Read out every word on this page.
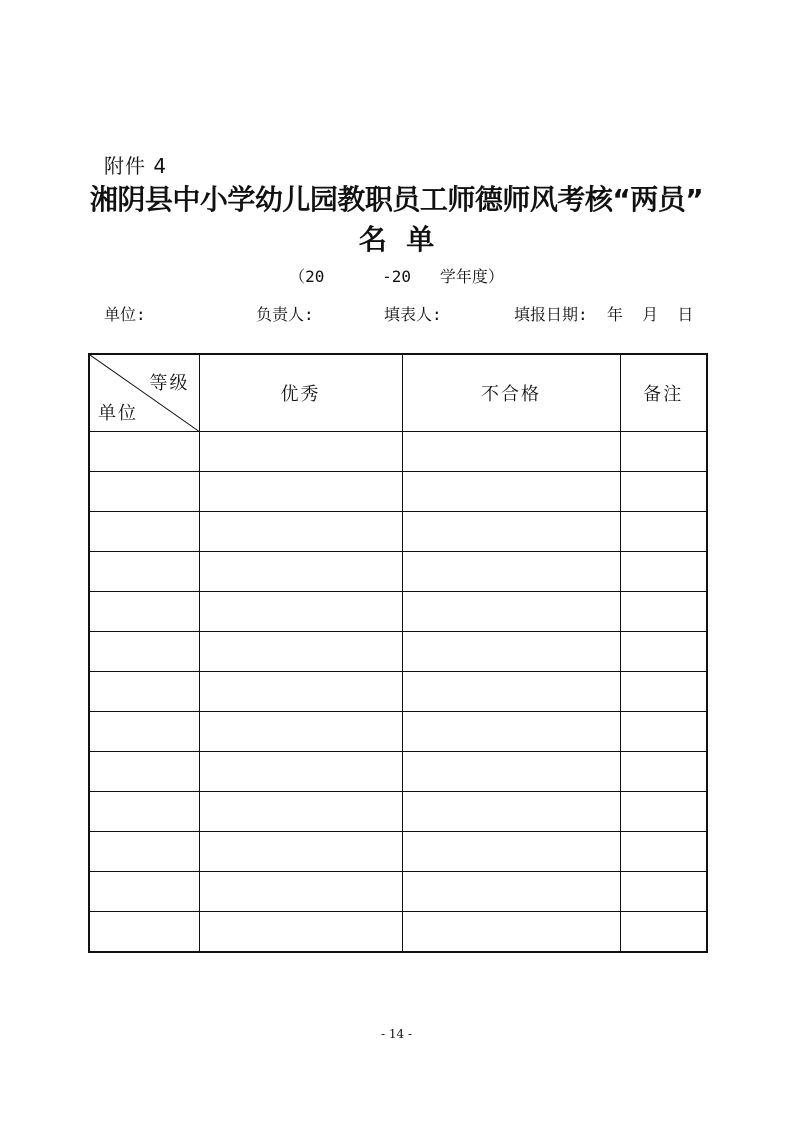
附件 4
湘阴县中小学幼儿园教职员工师德师风考核“两员”
名  单
（20      -20   学年度）
单位:	负责人:	填表人:	填报日期:  年  月  日
等级
单位	优秀	不合格	备注

- 14 -
